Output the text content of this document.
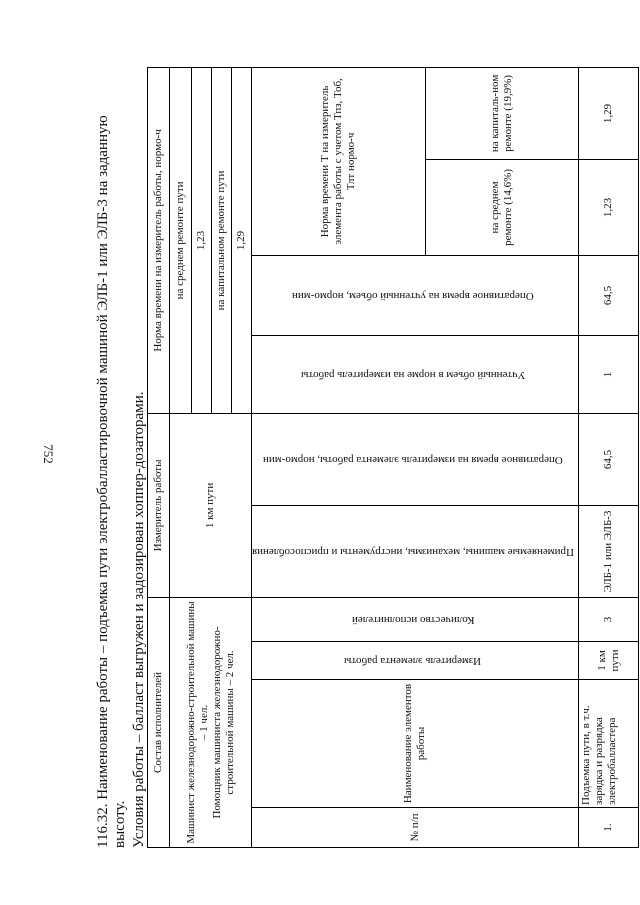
752	116.32. Наименование работы – подъемка пути электробалластировочной машиной ЭЛБ-1 или ЭЛБ-3 на заданную высоту. Условия работы – балласт выгружен и задозирован хоппер-дозаторами. Состав исполнителей				Измеритель работы		Норма времени на измеритель работы, нормо-ч			

Машинист железнодорожно-строительной машины – 1 чел. Помощник машиниста железнодорожно-строительной машины – 2 чел.				1 км пути		на среднем ремонте пути			
						1,23			
						на капитальном ремонте пути			
						1,29			
№ п/п	Наименование элементов работы	Измеритель элемента работы	Количество исполнителей	Применяемые машины, механизмы, инструменты и приспособления	Оперативное время на измеритель элемента работы, нормо-мин	Учтенный объем в норме на измеритель работы	Оперативное время на учтенный объем, нормо-мин	Норма времени Т на измеритель элемента работы с учетом Тпз, Тоб, Тлт нормо-ч	
								на среднем ремонте (14,6%)	на капиталь-ном ремонте (19,9%)
1.	Подъемка пути, в т.ч. зарядка и разрядка электробалластера	1 км пути	3	ЭЛБ-1 или ЭЛБ-3	64,5	1	64,5	1,23	1,29
